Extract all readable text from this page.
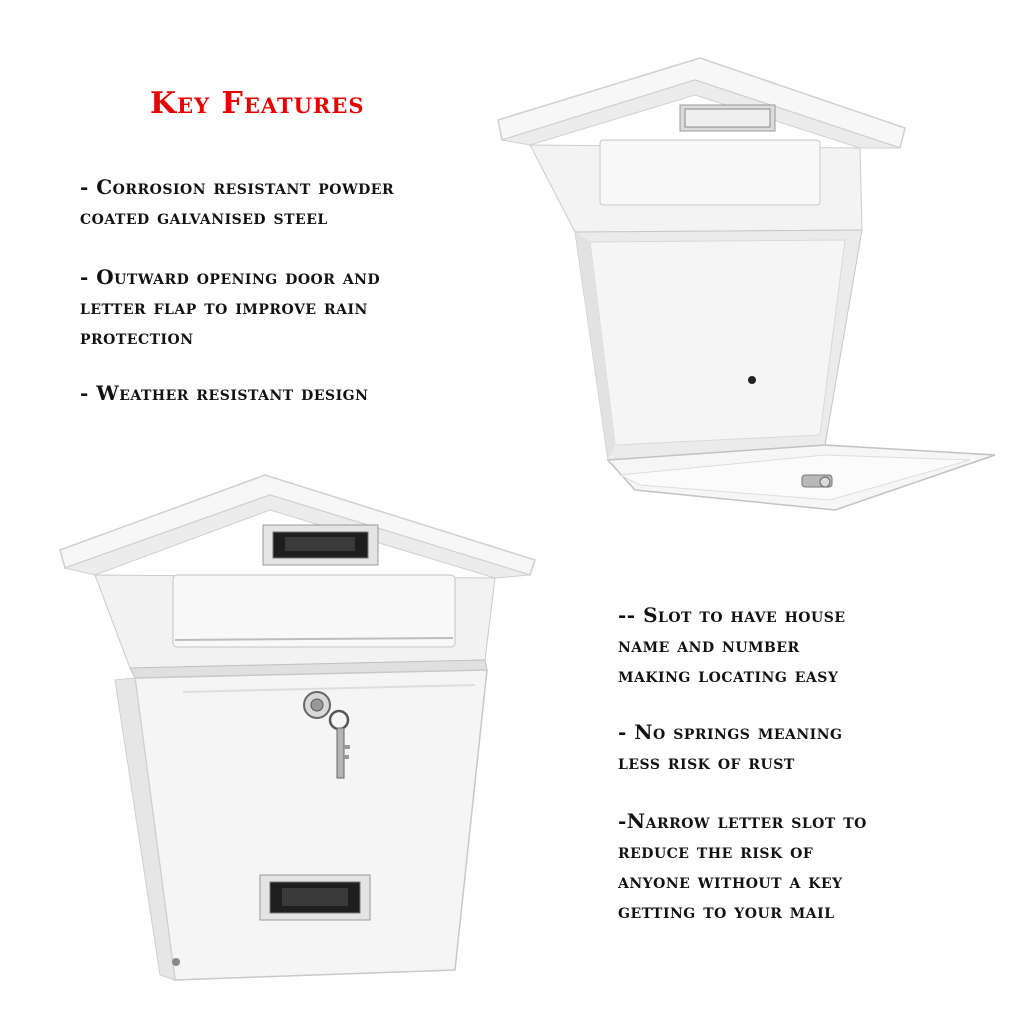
Key Features
- Corrosion resistant powder
coated galvanised steel
- Outward opening door and
letter flap to improve rain
protection
- Weather resistant design
-- Slot to have house
name and number
making locating easy
- No springs meaning
less risk of rust
-Narrow letter slot to
reduce the risk of
anyone without a key
getting to your mail
